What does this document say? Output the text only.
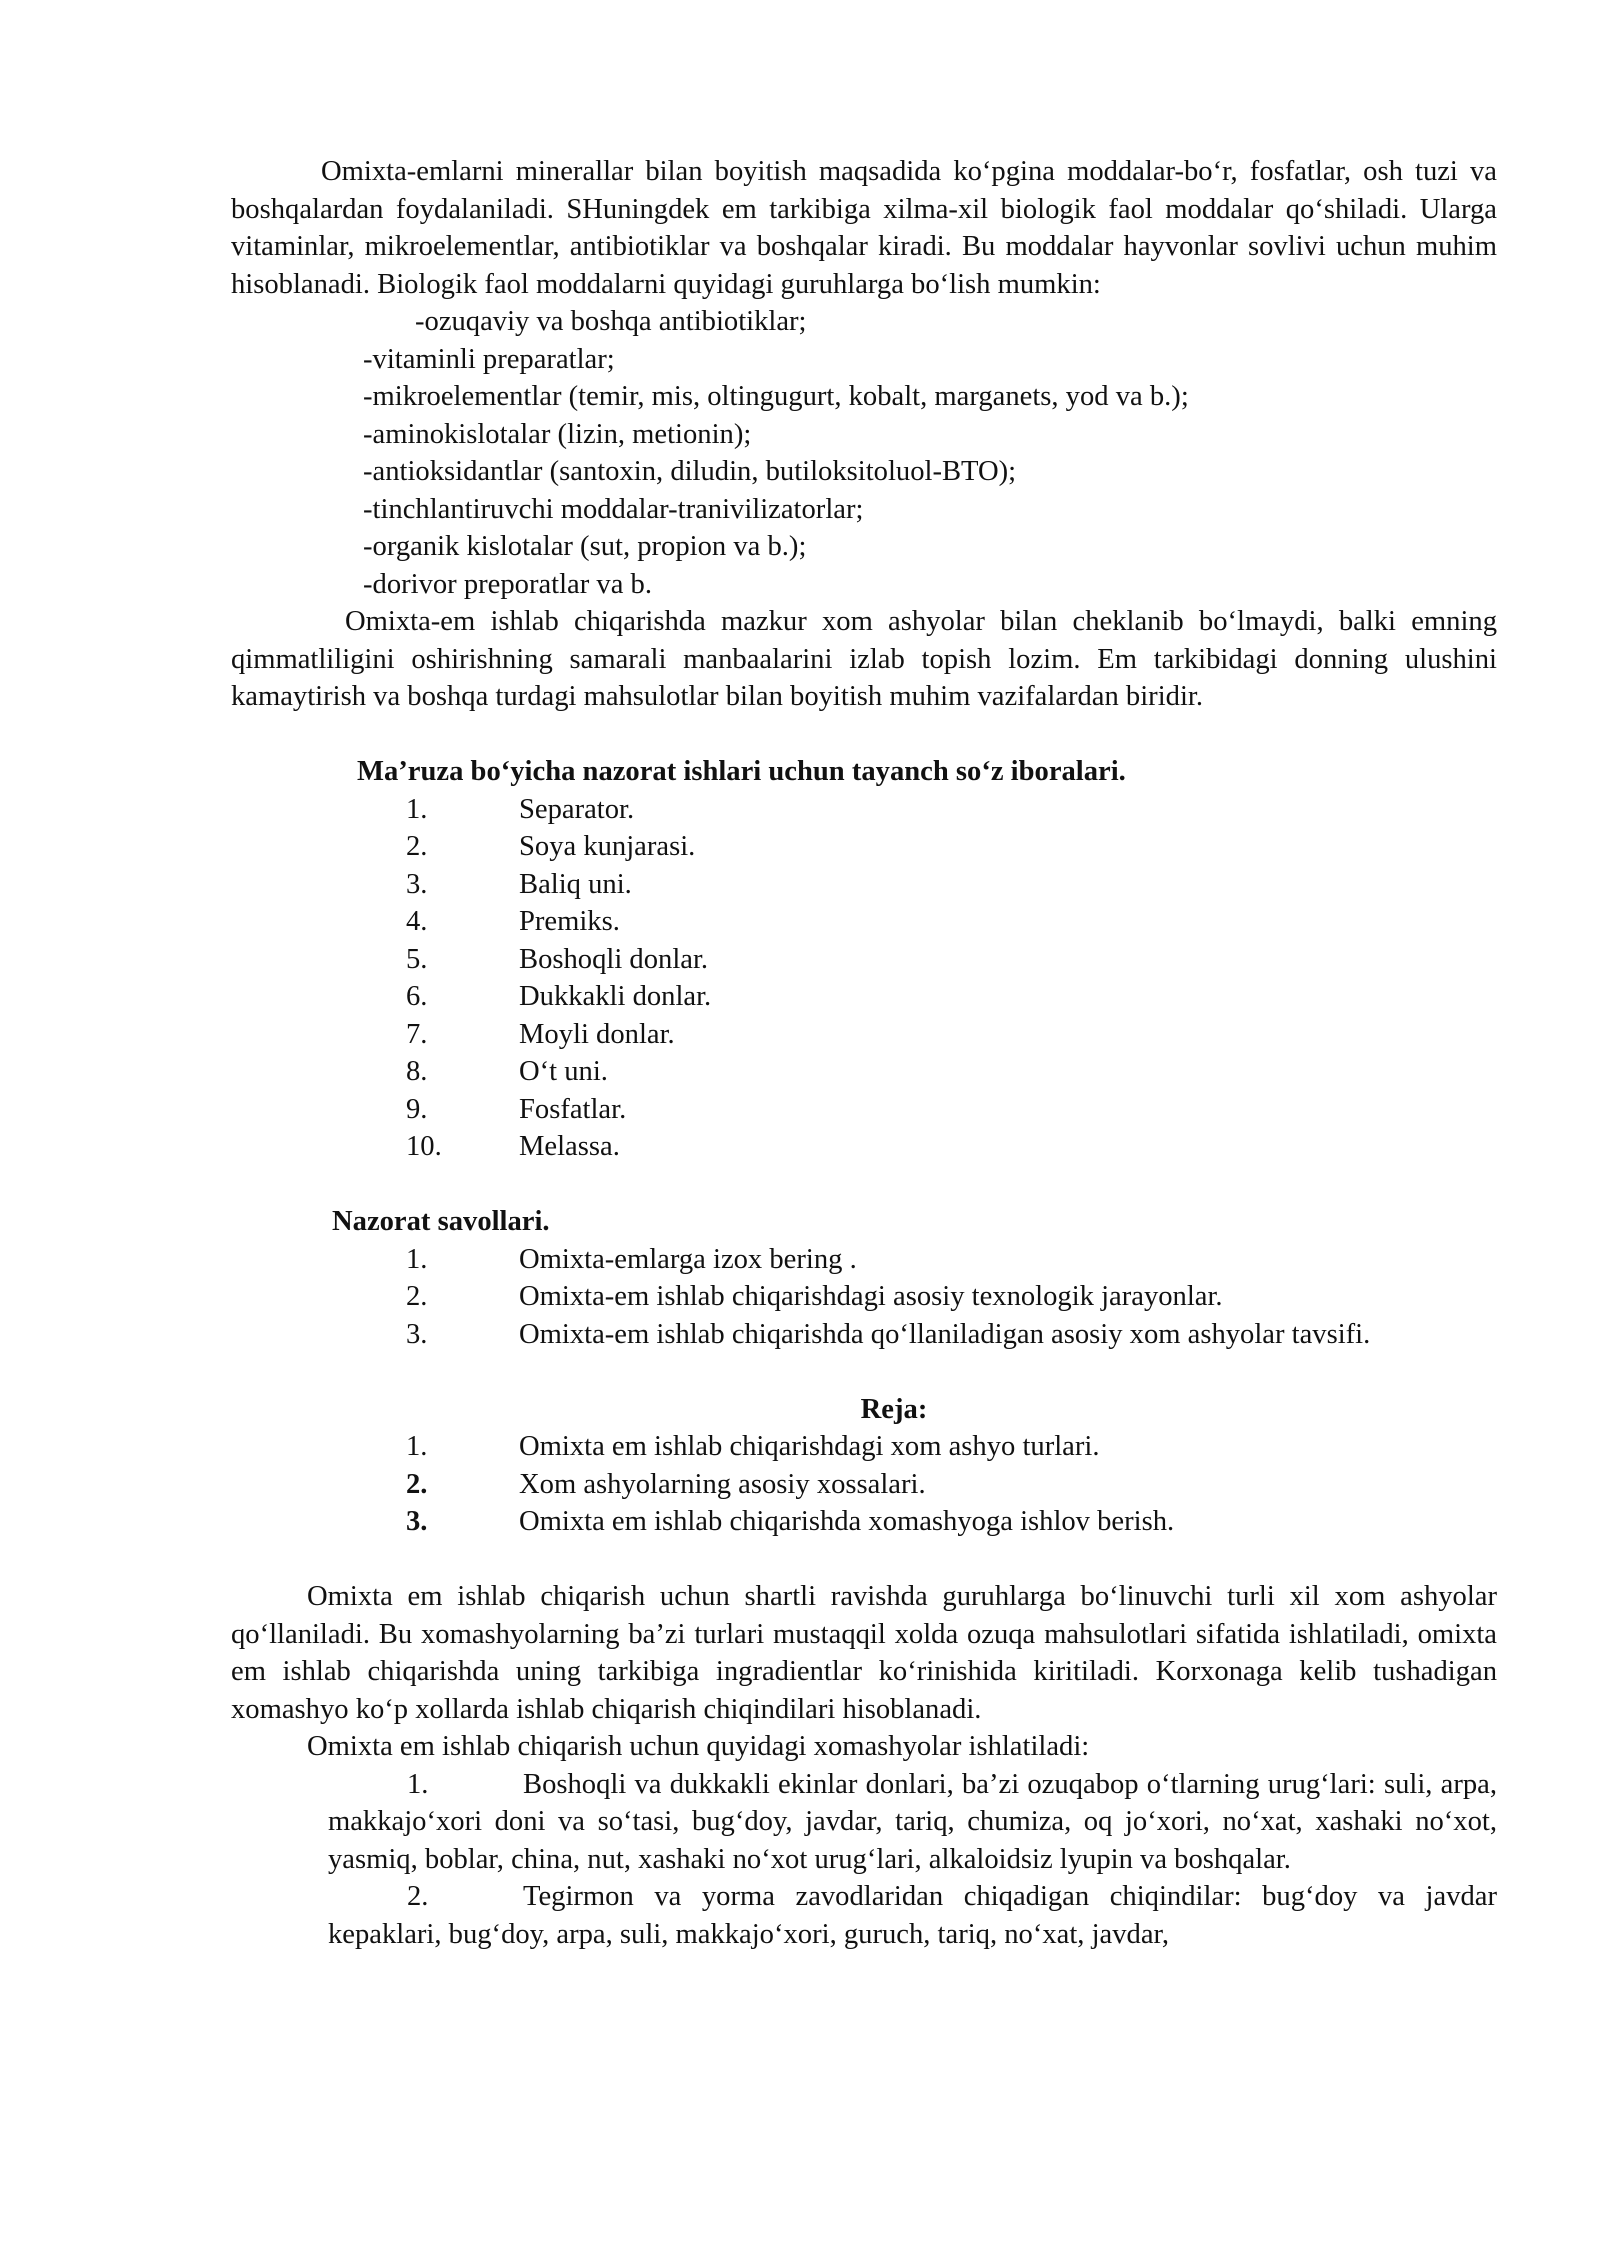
Omixta-emlarni minerallar bilan boyitish maqsadida ko‘pgina moddalar-bo‘r, fosfatlar, osh tuzi va boshqalardan foydalaniladi. SHuningdek em tarkibiga xilma-xil biologik faol moddalar qo‘shiladi. Ularga vitaminlar, mikroelementlar, antibiotiklar va boshqalar kiradi. Bu moddalar hayvonlar sovlivi uchun muhim hisoblanadi. Biologik faol moddalarni quyidagi guruhlarga bo‘lish mumkin:

-ozuqaviy va boshqa antibiotiklar;

-vitaminli preparatlar;

-mikroelementlar (temir, mis, oltingugurt, kobalt, marganets, yod va b.);

-aminokislotalar (lizin, metionin);

-antioksidantlar (santoxin, diludin, butiloksitoluol-BTO);

-tinchlantiruvchi moddalar-tranivilizatorlar;

-organik kislotalar (sut, propion va b.);

-dorivor preporatlar va b.

Omixta-em ishlab chiqarishda mazkur xom ashyolar bilan cheklanib bo‘lmaydi, balki emning qimmatliligini oshirishning samarali manbaalarini izlab topish lozim. Em tarkibidagi donning ulushini kamaytirish va boshqa turdagi mahsulotlar bilan boyitish muhim vazifalardan biridir.

Ma’ruza bo‘yicha nazorat ishlari uchun tayanch so‘z iboralari.

1.	Separator.
2.	Soya kunjarasi.
3.	Baliq uni.
4.	Premiks.
5.	Boshoqli donlar.
6.	Dukkakli donlar.
7.	Moyli donlar.
8.	O‘t uni.
9.	Fosfatlar.
10.	Melassa.

Nazorat savollari.

1.	Omixta-emlarga izox bering .
2.	Omixta-em ishlab chiqarishdagi asosiy texnologik jarayonlar.
3.	Omixta-em ishlab chiqarishda qo‘llaniladigan asosiy xom ashyolar tavsifi.

Reja:

1.	Omixta em ishlab chiqarishdagi xom ashyo turlari.
2.	Xom ashyolarning asosiy xossalari.
3.	Omixta em ishlab chiqarishda xomashyoga ishlov berish.

Omixta em ishlab chiqarish uchun shartli ravishda guruhlarga bo‘linuvchi turli xil xom ashyolar qo‘llaniladi. Bu xomashyolarning ba’zi turlari mustaqqil xolda ozuqa mahsulotlari sifatida ishlatiladi, omixta em ishlab chiqarishda uning tarkibiga ingradientlar ko‘rinishida kiritiladi. Korxonaga kelib tushadigan xomashyo ko‘p xollarda ishlab chiqarish chiqindilari hisoblanadi.

Omixta em ishlab chiqarish uchun quyidagi xomashyolar ishlatiladi:

1.	Boshoqli va dukkakli ekinlar donlari, ba’zi ozuqabop o‘tlarning urug‘lari: suli, arpa, makkajo‘xori doni va so‘tasi, bug‘doy, javdar, tariq, chumiza, oq jo‘xori, no‘xat, xashaki no‘xot, yasmiq, boblar, china, nut, xashaki no‘xot urug‘lari, alkaloidsiz lyupin va boshqalar.

2.	Tegirmon va yorma zavodlaridan chiqadigan chiqindilar: bug‘doy va javdar kepaklari, bug‘doy, arpa, suli, makkajo‘xori, guruch, tariq, no‘xat, javdar,
